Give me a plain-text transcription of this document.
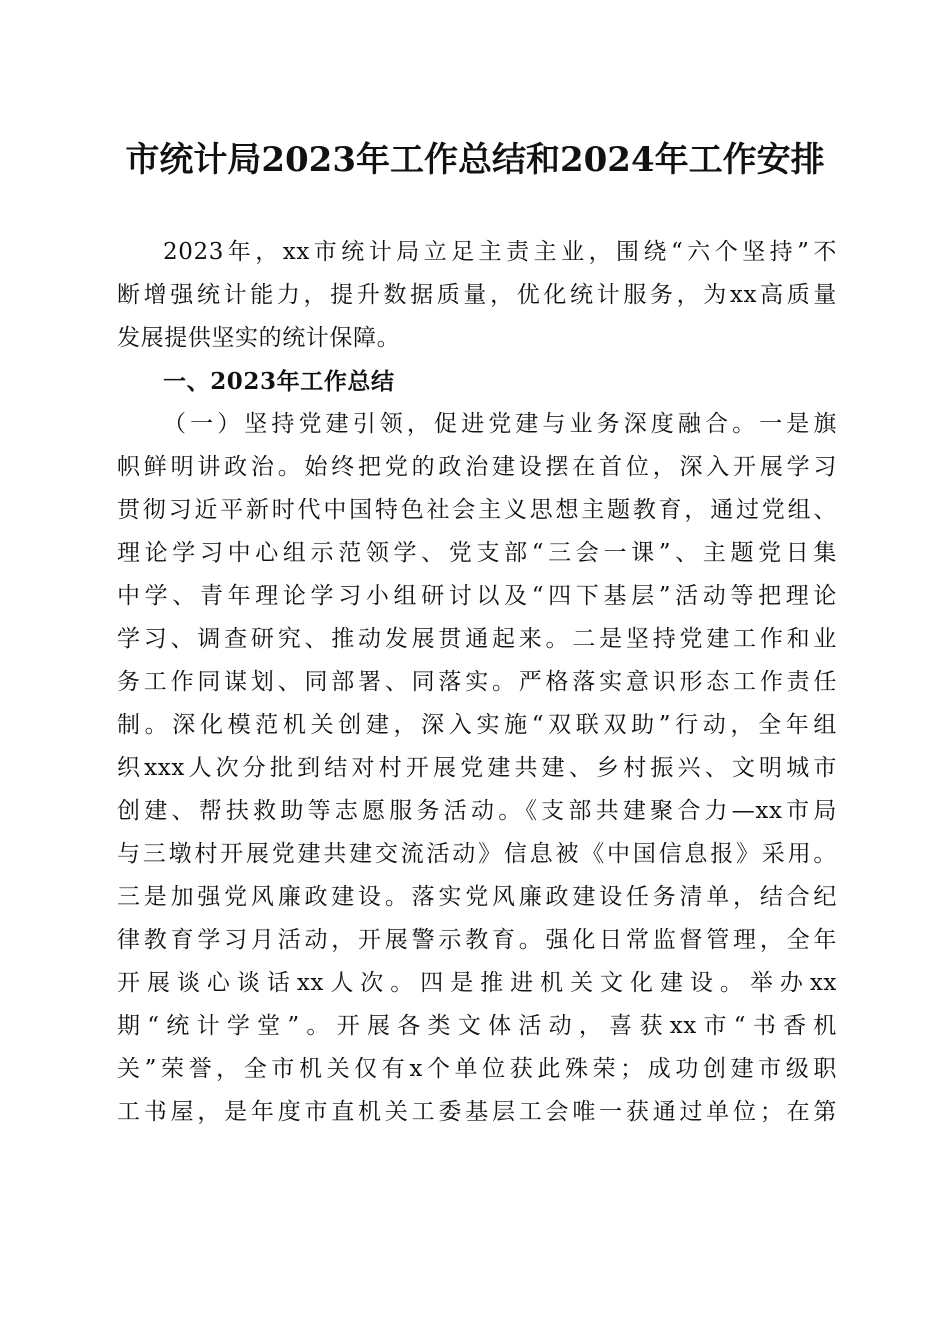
市统计局2023年工作总结和2024年工作安排
2023年，xx市统计局立足主责主业，围绕“六个坚持”不
断增强统计能力，提升数据质量，优化统计服务，为xx高质量
发展提供坚实的统计保障。
一、2023年工作总结
（一）坚持党建引领，促进党建与业务深度融合。一是旗
帜鲜明讲政治。始终把党的政治建设摆在首位，深入开展学习
贯彻习近平新时代中国特色社会主义思想主题教育，通过党组、
理论学习中心组示范领学、党支部“三会一课”、主题党日集
中学、青年理论学习小组研讨以及“四下基层”活动等把理论
学习、调查研究、推动发展贯通起来。二是坚持党建工作和业
务工作同谋划、同部署、同落实。严格落实意识形态工作责任
制。深化模范机关创建，深入实施“双联双助”行动，全年组
织xxx人次分批到结对村开展党建共建、乡村振兴、文明城市
创建、帮扶救助等志愿服务活动。《支部共建聚合力—xx市局
与三墩村开展党建共建交流活动》信息被《中国信息报》采用。
三是加强党风廉政建设。落实党风廉政建设任务清单，结合纪
律教育学习月活动，开展警示教育。强化日常监督管理，全年
开展谈心谈话xx人次。四是推进机关文化建设。举办xx
期“统计学堂”。开展各类文体活动，喜获xx市“书香机
关”荣誉，全市机关仅有x个单位获此殊荣；成功创建市级职
工书屋，是年度市直机关工委基层工会唯一获通过单位；在第
